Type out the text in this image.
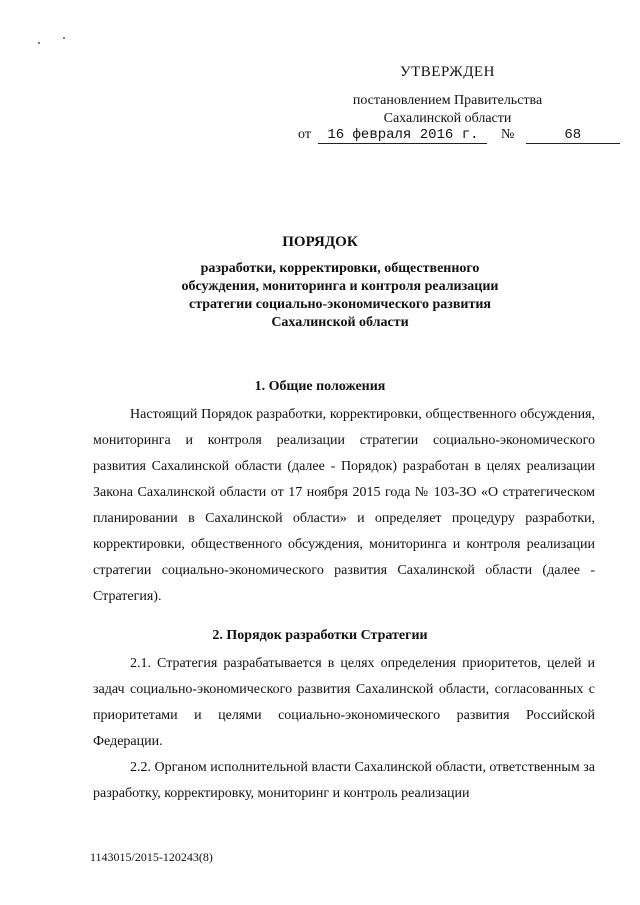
УТВЕРЖДЕН
постановлением Правительства
Сахалинской области
от 16 февраля 2016 г. №	68
ПОРЯДОК
разработки, корректировки, общественного
обсуждения, мониторинга и контроля реализации
стратегии социально-экономического развития
Сахалинской области
1. Общие положения
Настоящий Порядок разработки, корректировки, общественного обсуждения, мониторинга и контроля реализации стратегии социально-экономического развития Сахалинской области (далее - Порядок) разработан в целях реализации Закона Сахалинской области от 17 ноября 2015 года № 103-ЗО «О стратегическом планировании в Сахалинской области» и определяет процедуру разработки, корректировки, общественного обсуждения, мониторинга и контроля реализации стратегии социально-экономического развития Сахалинской области (далее - Стратегия).
2. Порядок разработки Стратегии
2.1. Стратегия разрабатывается в целях определения приоритетов, целей и задач социально-экономического развития Сахалинской области, согласованных с приоритетами и целями социально-экономического развития Российской Федерации.
2.2. Органом исполнительной власти Сахалинской области, ответственным за разработку, корректировку, мониторинг и контроль реализации
1143015/2015-120243(8)
